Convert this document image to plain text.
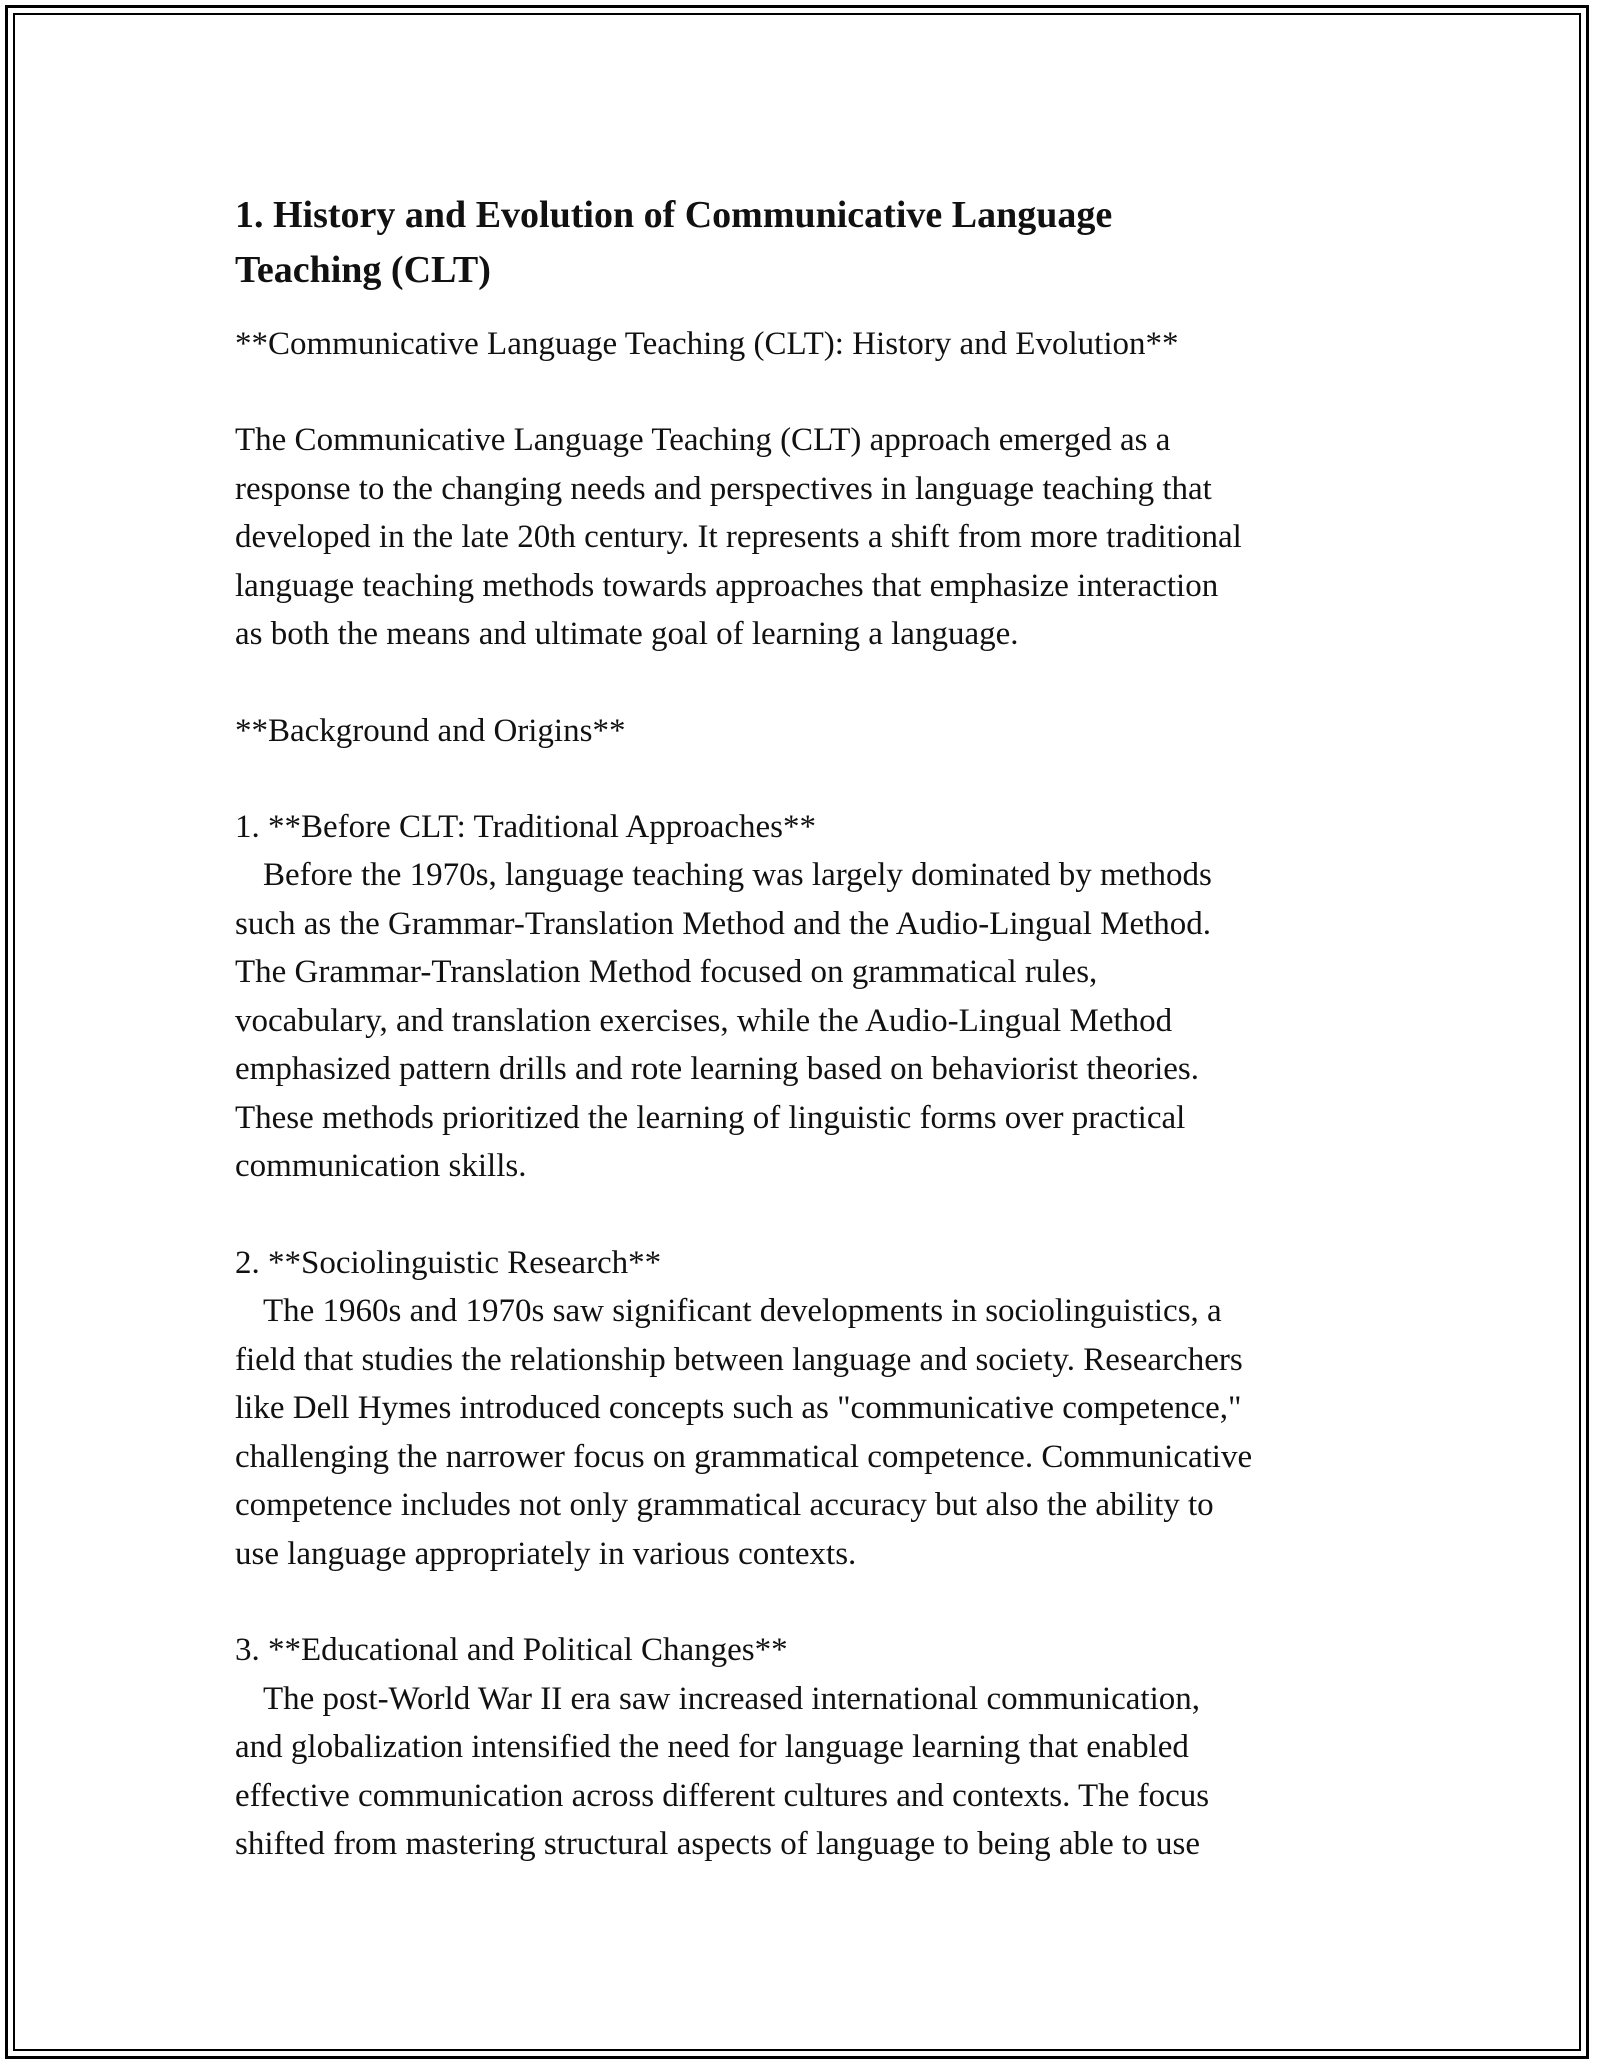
1. History and Evolution of Communicative Language
Teaching (CLT)

**Communicative Language Teaching (CLT): History and Evolution**

The Communicative Language Teaching (CLT) approach emerged as a
response to the changing needs and perspectives in language teaching that
developed in the late 20th century. It represents a shift from more traditional
language teaching methods towards approaches that emphasize interaction
as both the means and ultimate goal of learning a language.

**Background and Origins**

1. **Before CLT: Traditional Approaches**
Before the 1970s, language teaching was largely dominated by methods
such as the Grammar-Translation Method and the Audio-Lingual Method.
The Grammar-Translation Method focused on grammatical rules,
vocabulary, and translation exercises, while the Audio-Lingual Method
emphasized pattern drills and rote learning based on behaviorist theories.
These methods prioritized the learning of linguistic forms over practical
communication skills.
2. **Sociolinguistic Research**
The 1960s and 1970s saw significant developments in sociolinguistics, a
field that studies the relationship between language and society. Researchers
like Dell Hymes introduced concepts such as "communicative competence,"
challenging the narrower focus on grammatical competence. Communicative
competence includes not only grammatical accuracy but also the ability to
use language appropriately in various contexts.
3. **Educational and Political Changes**
The post-World War II era saw increased international communication,
and globalization intensified the need for language learning that enabled
effective communication across different cultures and contexts. The focus
shifted from mastering structural aspects of language to being able to use
